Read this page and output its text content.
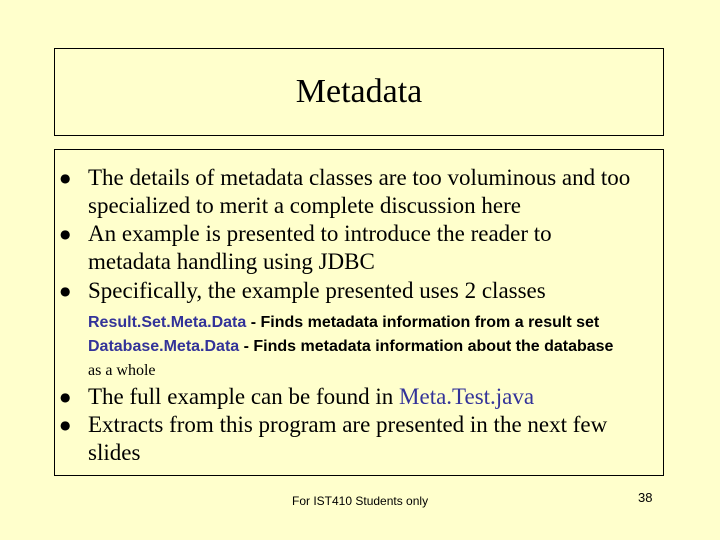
Metadata
● The details of metadata classes are too voluminous and too
specialized to merit a complete discussion here
● An example is presented to introduce the reader to
metadata handling using JDBC
● Specifically, the example presented uses 2 classes
Result.Set.Meta.Data - Finds metadata information from a result set
Database.Meta.Data - Finds metadata information about the database
as a whole
● The full example can be found in Meta.Test.java
● Extracts from this program are presented in the next few
slides
For IST410 Students only	38
